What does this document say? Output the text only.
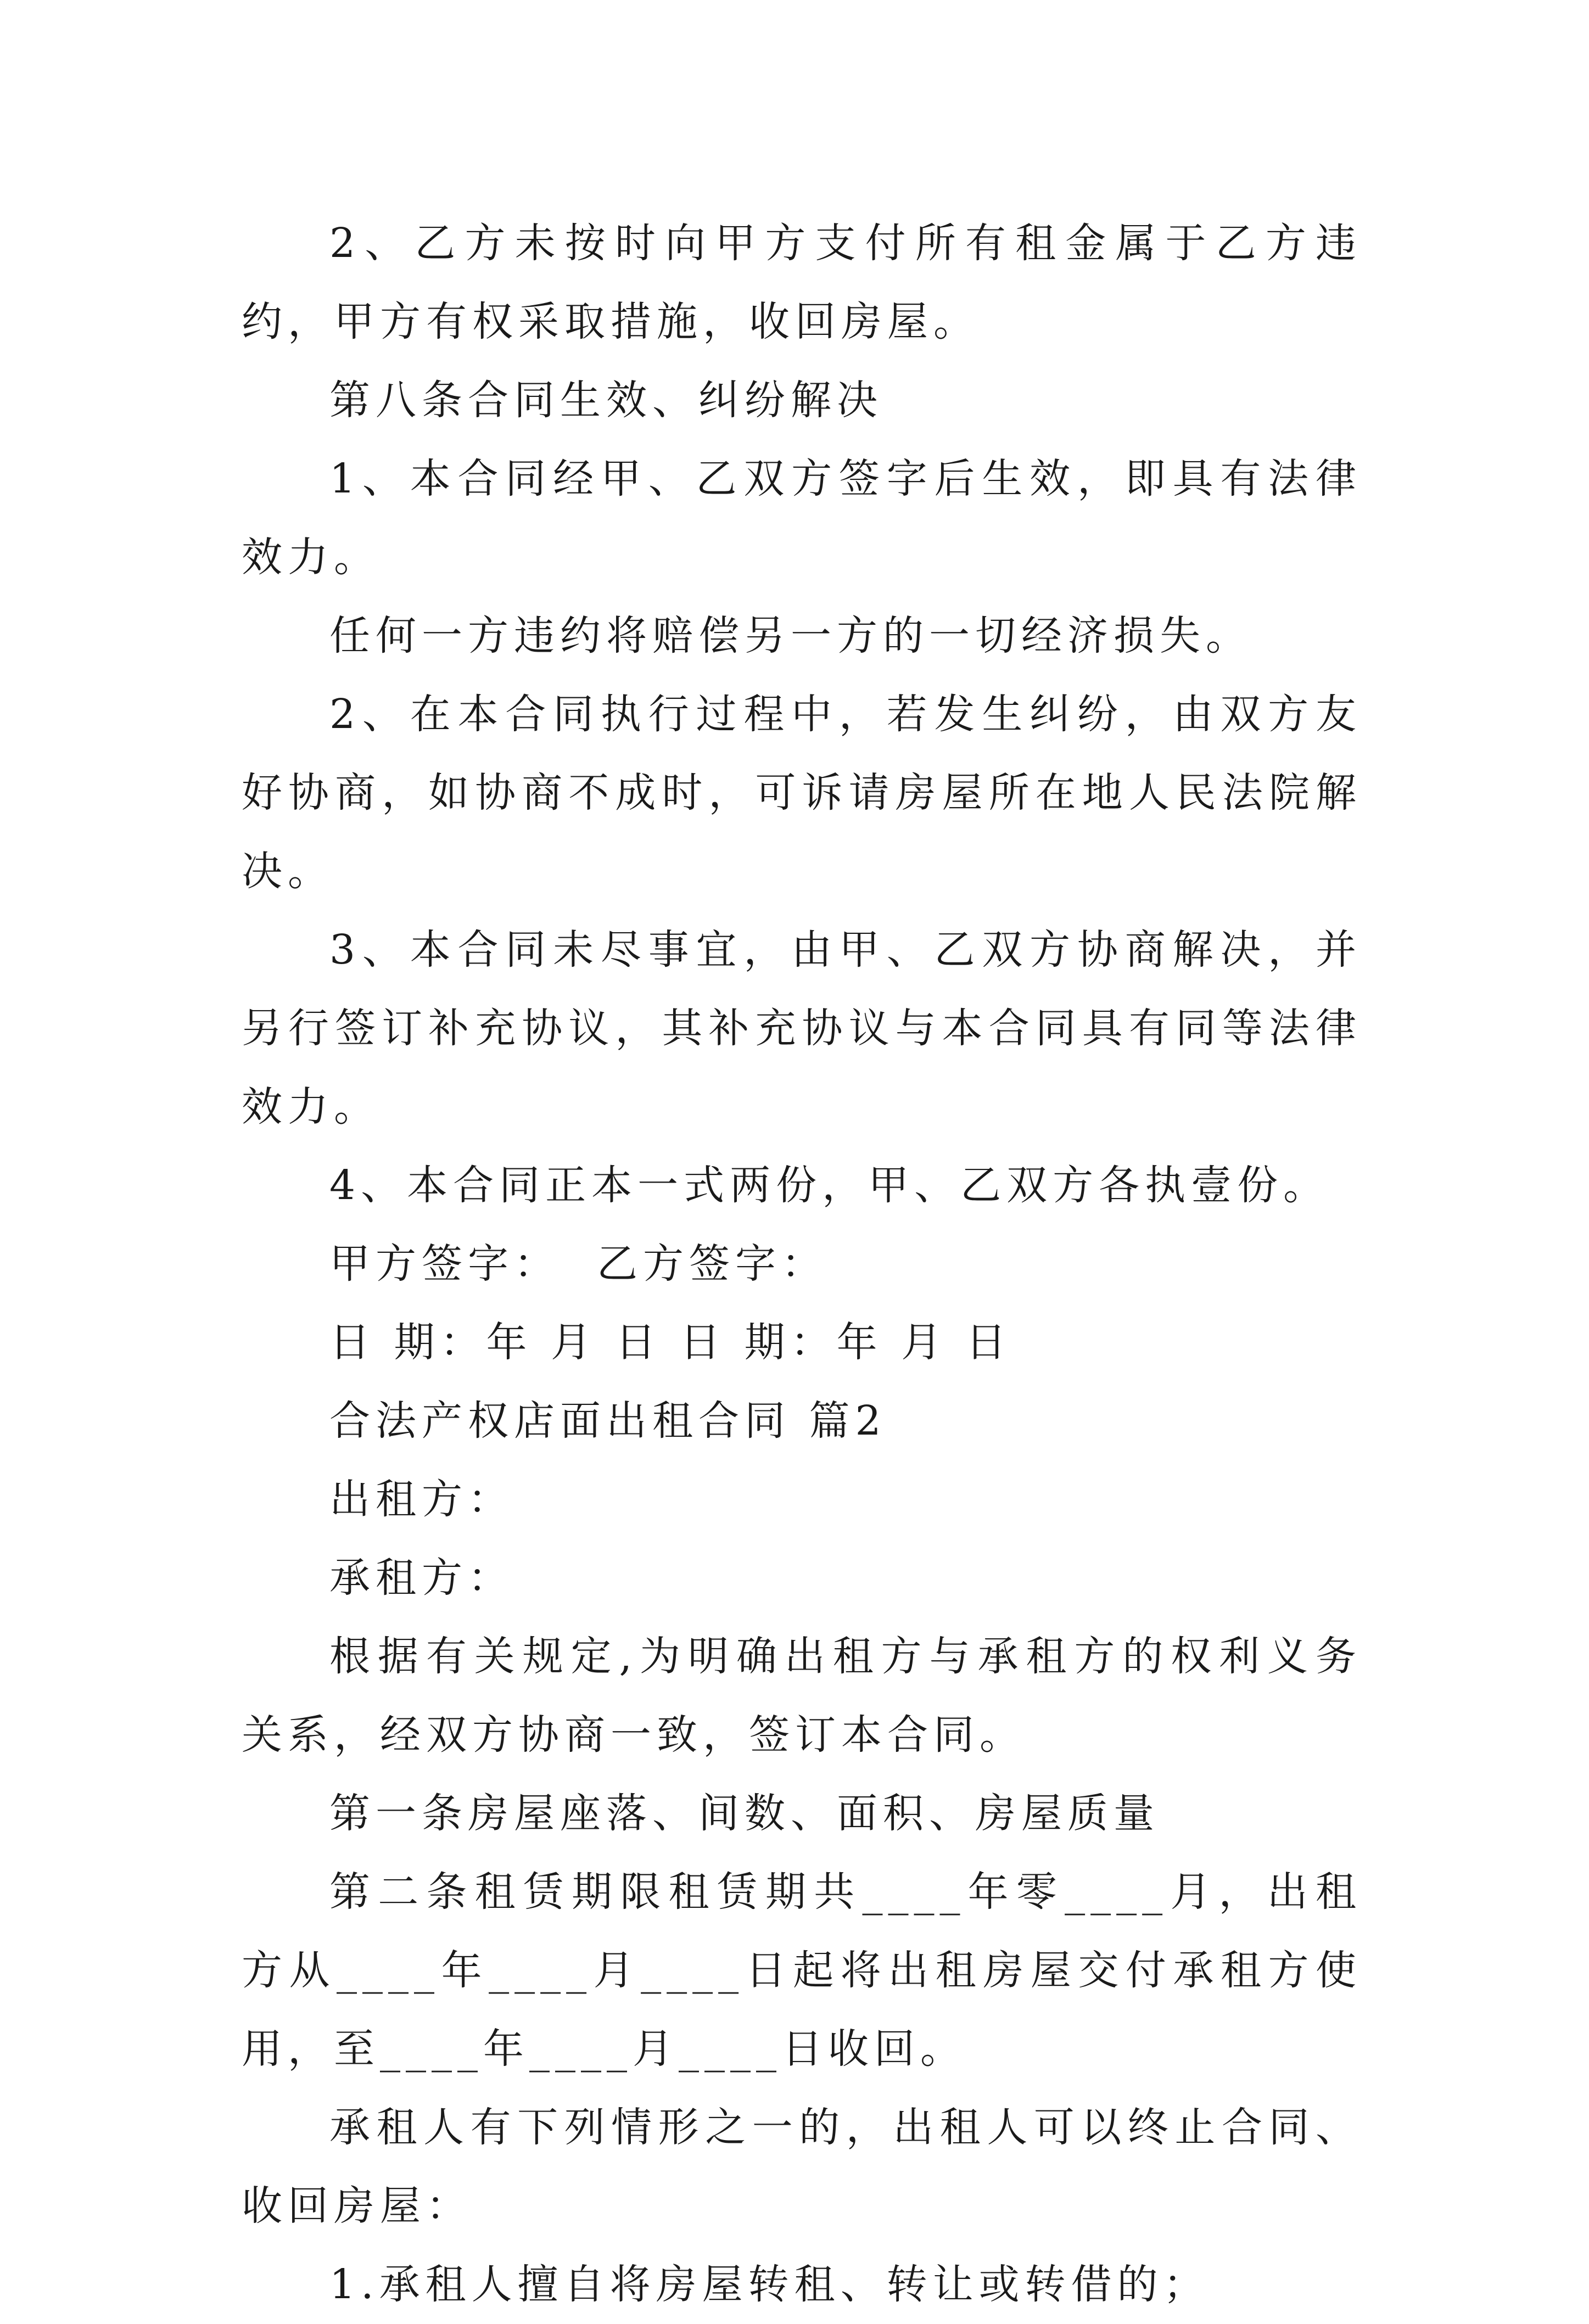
2、乙方未按时向甲方支付所有租金属于乙方违约，甲方有权采取措施，收回房屋。

第八条合同生效、纠纷解决

1、本合同经甲、乙双方签字后生效，即具有法律效力。

任何一方违约将赔偿另一方的一切经济损失。

2、在本合同执行过程中，若发生纠纷，由双方友好协商，如协商不成时，可诉请房屋所在地人民法院解决。

3、本合同未尽事宜，由甲、乙双方协商解决，并另行签订补充协议，其补充协议与本合同具有同等法律效力。

4、本合同正本一式两份，甲、乙双方各执壹份。

甲方签字：  乙方签字：

日 期：年 月 日 日 期：年 月 日

合法产权店面出租合同 篇2

出租方：

承租方：

根据有关规定,为明确出租方与承租方的权利义务关系，经双方协商一致，签订本合同。

第一条房屋座落、间数、面积、房屋质量

第二条租赁期限租赁期共____年零____月，出租方从____年____月____日起将出租房屋交付承租方使用，至____年____月____日收回。

承租人有下列情形之一的，出租人可以终止合同、收回房屋：

1.承租人擅自将房屋转租、转让或转借的；
